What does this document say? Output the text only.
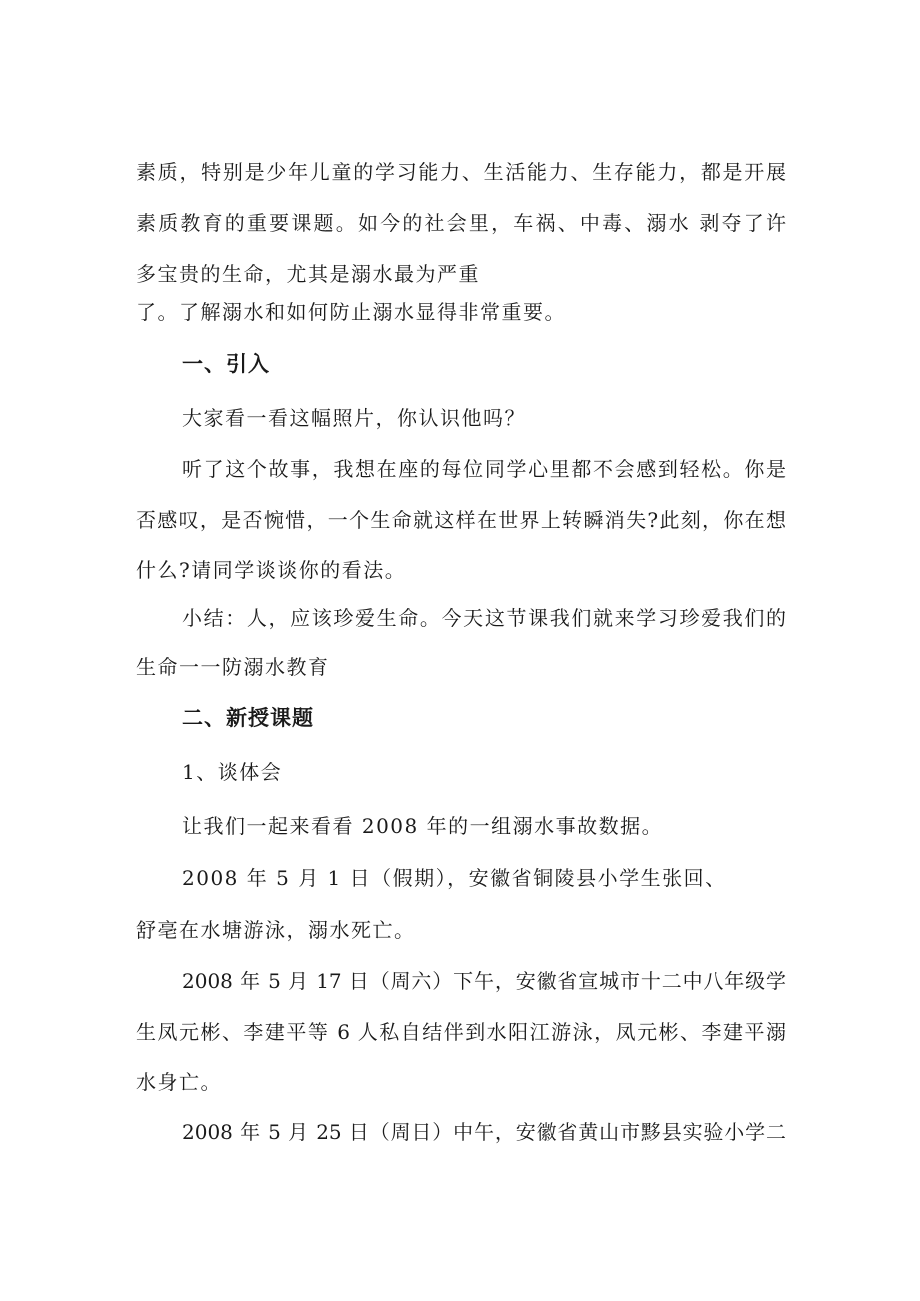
素质，特别是少年儿童的学习能力、生活能力、生存能力，都是开展
素质教育的重要课题。如今的社会里，车祸、中毒、溺水 剥夺了许
多宝贵的生命，尤其是溺水最为严重
了。了解溺水和如何防止溺水显得非常重要。
一、引入
大家看一看这幅照片，你认识他吗？
听了这个故事，我想在座的每位同学心里都不会感到轻松。你是
否感叹，是否惋惜，一个生命就这样在世界上转瞬消失?此刻，你在想
什么?请同学谈谈你的看法。
小结：人，应该珍爱生命。今天这节课我们就来学习珍爱我们的
生命一一防溺水教育
二、新授课题
1、谈体会
让我们一起来看看 2008 年的一组溺水事故数据。
2008 年 5 月 1 日（假期），安徽省铜陵县小学生张回、
舒亳在水塘游泳，溺水死亡。
2008 年 5 月 17 日（周六）下午，安徽省宣城市十二中八年级学
生凤元彬、李建平等 6 人私自结伴到水阳江游泳，凤元彬、李建平溺
水身亡。
2008 年 5 月 25 日（周日）中午，安徽省黄山市黟县实验小学二
